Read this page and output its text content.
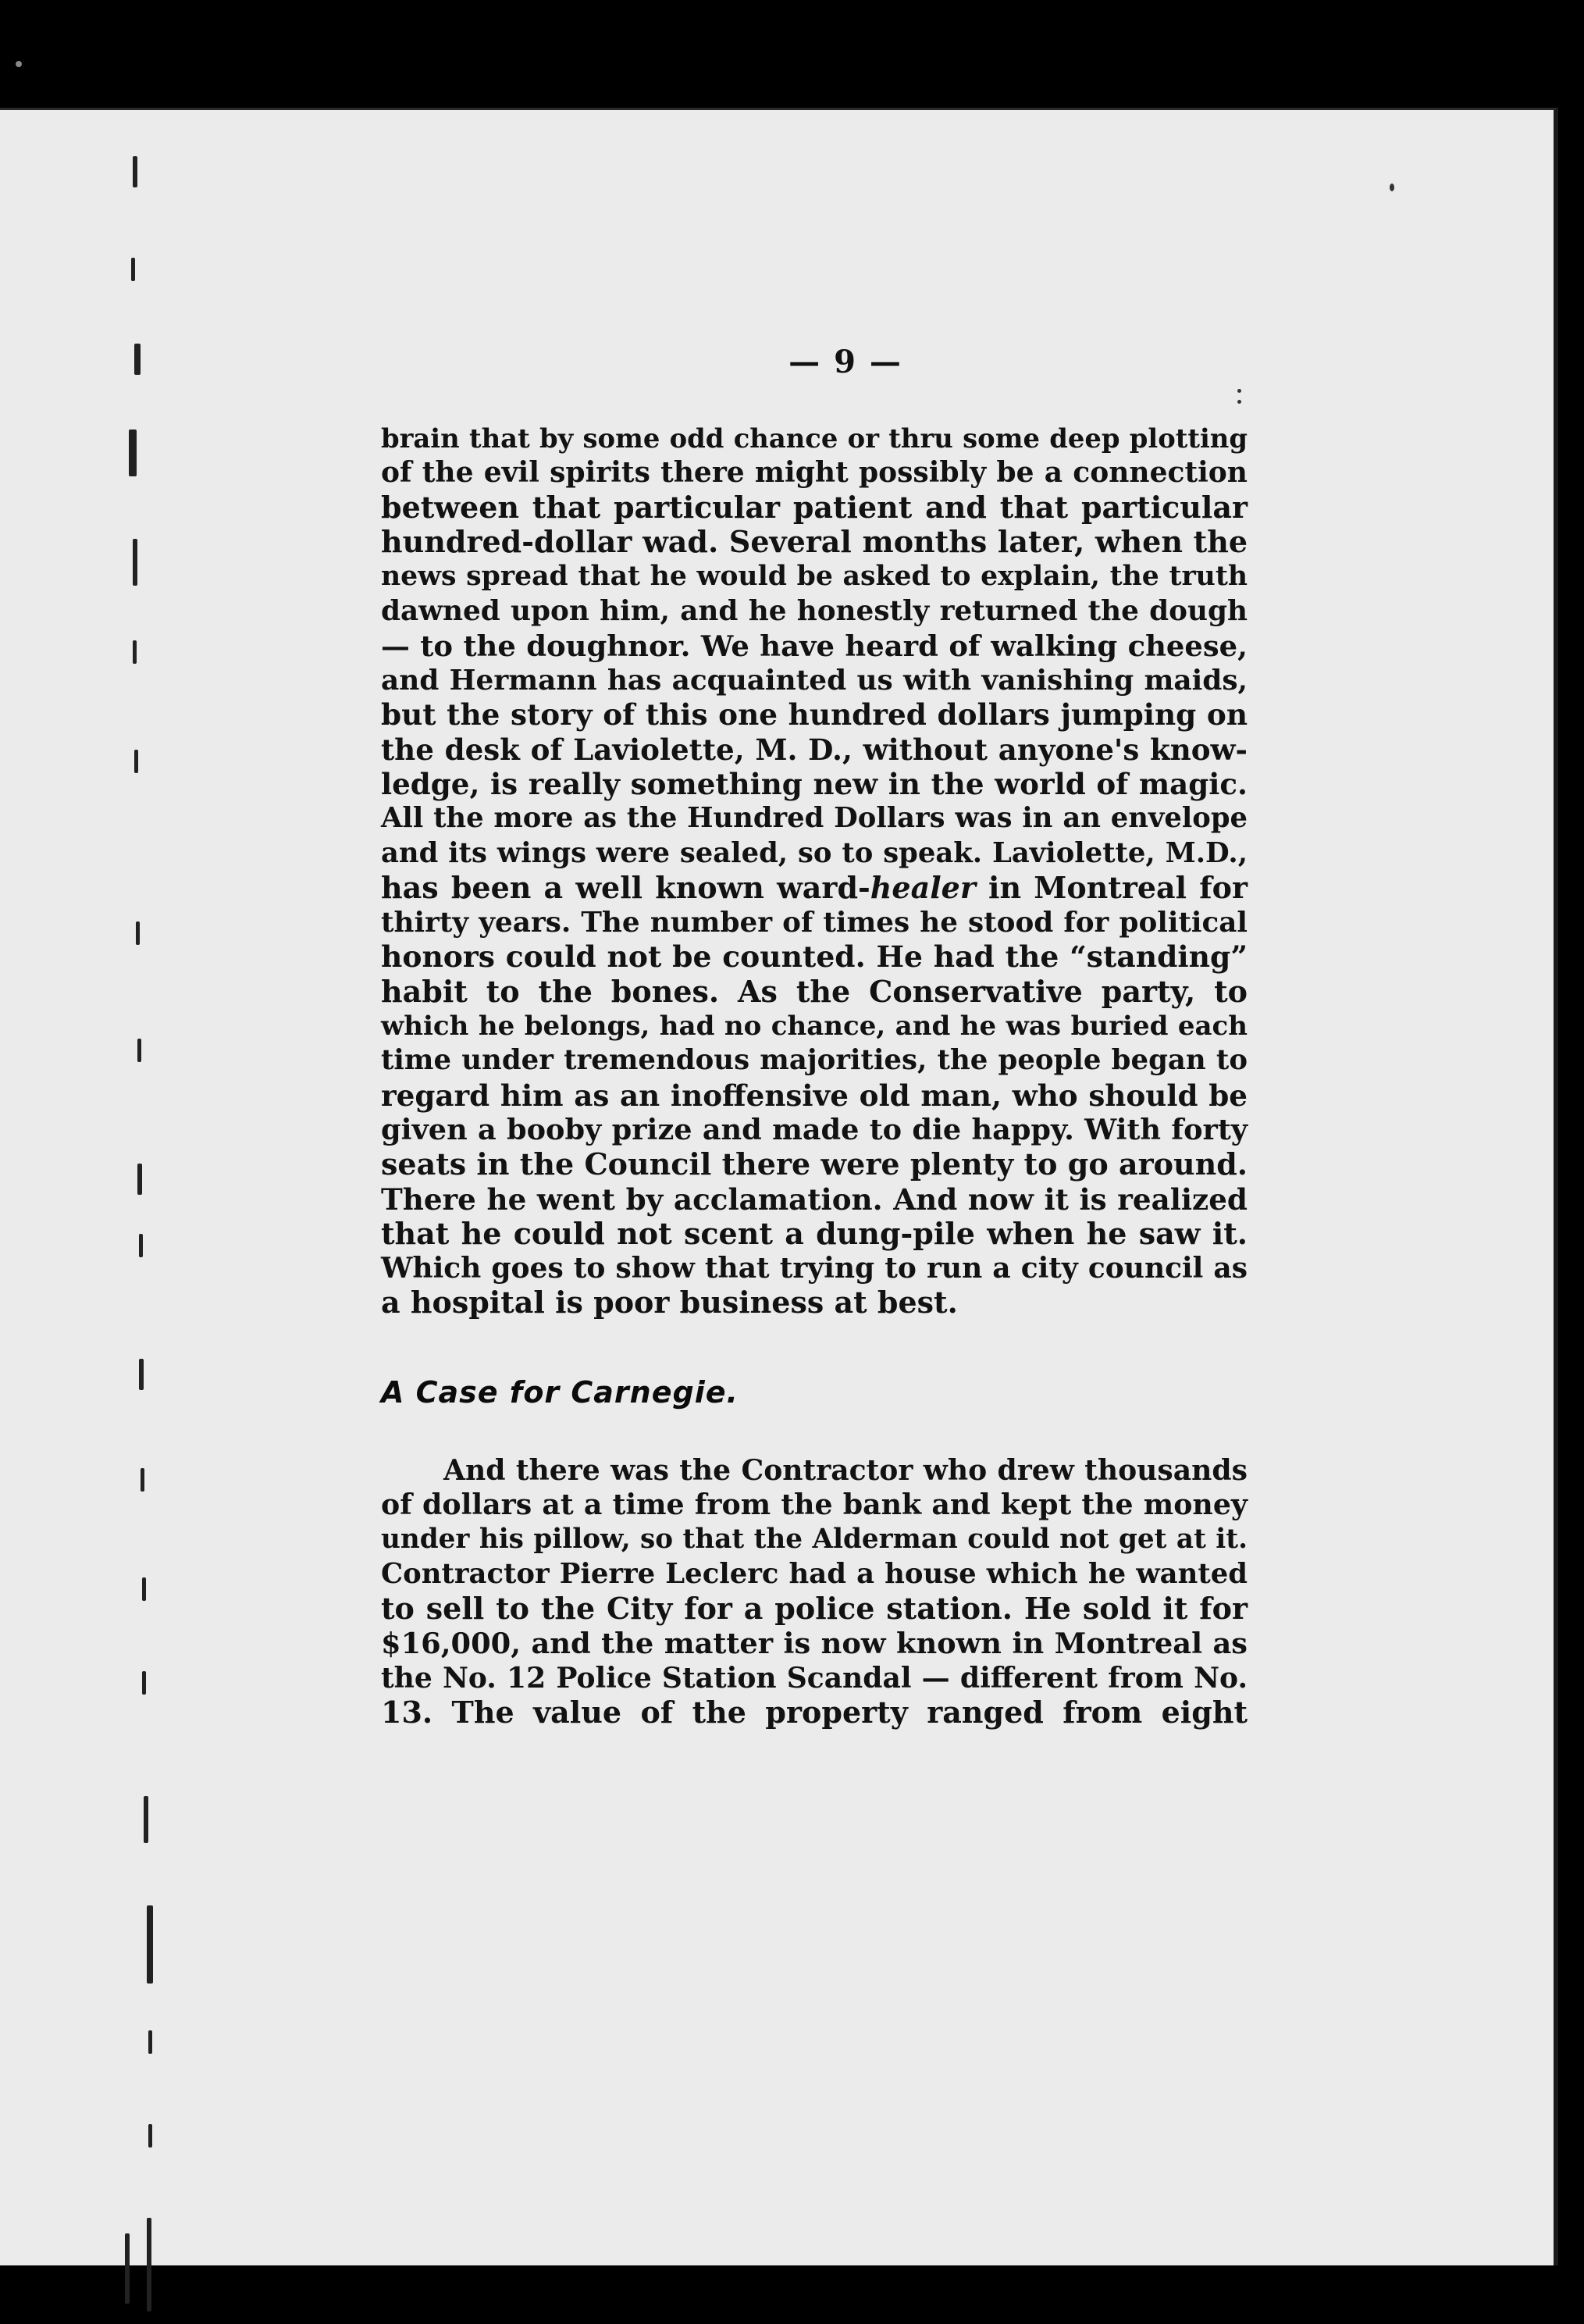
— 9 —
brain that by some odd chance or thru some deep plotting
of the evil spirits there might possibly be a connection
between that particular patient and that particular
hundred-dollar wad. Several months later, when the
news spread that he would be asked to explain, the truth
dawned upon him, and he honestly returned the dough
— to the doughnor. We have heard of walking cheese,
and Hermann has acquainted us with vanishing maids,
but the story of this one hundred dollars jumping on
the desk of Laviolette, M. D., without anyone's know-
ledge, is really something new in the world of magic.
All the more as the Hundred Dollars was in an envelope
and its wings were sealed, so to speak. Laviolette, M.D.,
has been a well known ward-healer in Montreal for
thirty years. The number of times he stood for political
honors could not be counted. He had the “standing”
habit to the bones. As the Conservative party, to
which he belongs, had no chance, and he was buried each
time under tremendous majorities, the people began to
regard him as an inoffensive old man, who should be
given a booby prize and made to die happy. With forty
seats in the Council there were plenty to go around.
There he went by acclamation. And now it is realized
that he could not scent a dung-pile when he saw it.
Which goes to show that trying to run a city council as
a hospital is poor business at best.
A Case for Carnegie.
And there was the Contractor who drew thousands
of dollars at a time from the bank and kept the money
under his pillow, so that the Alderman could not get at it.
Contractor Pierre Leclerc had a house which he wanted
to sell to the City for a police station. He sold it for
$16,000, and the matter is now known in Montreal as
the No. 12 Police Station Scandal — different from No.
13. The value of the property ranged from eight
